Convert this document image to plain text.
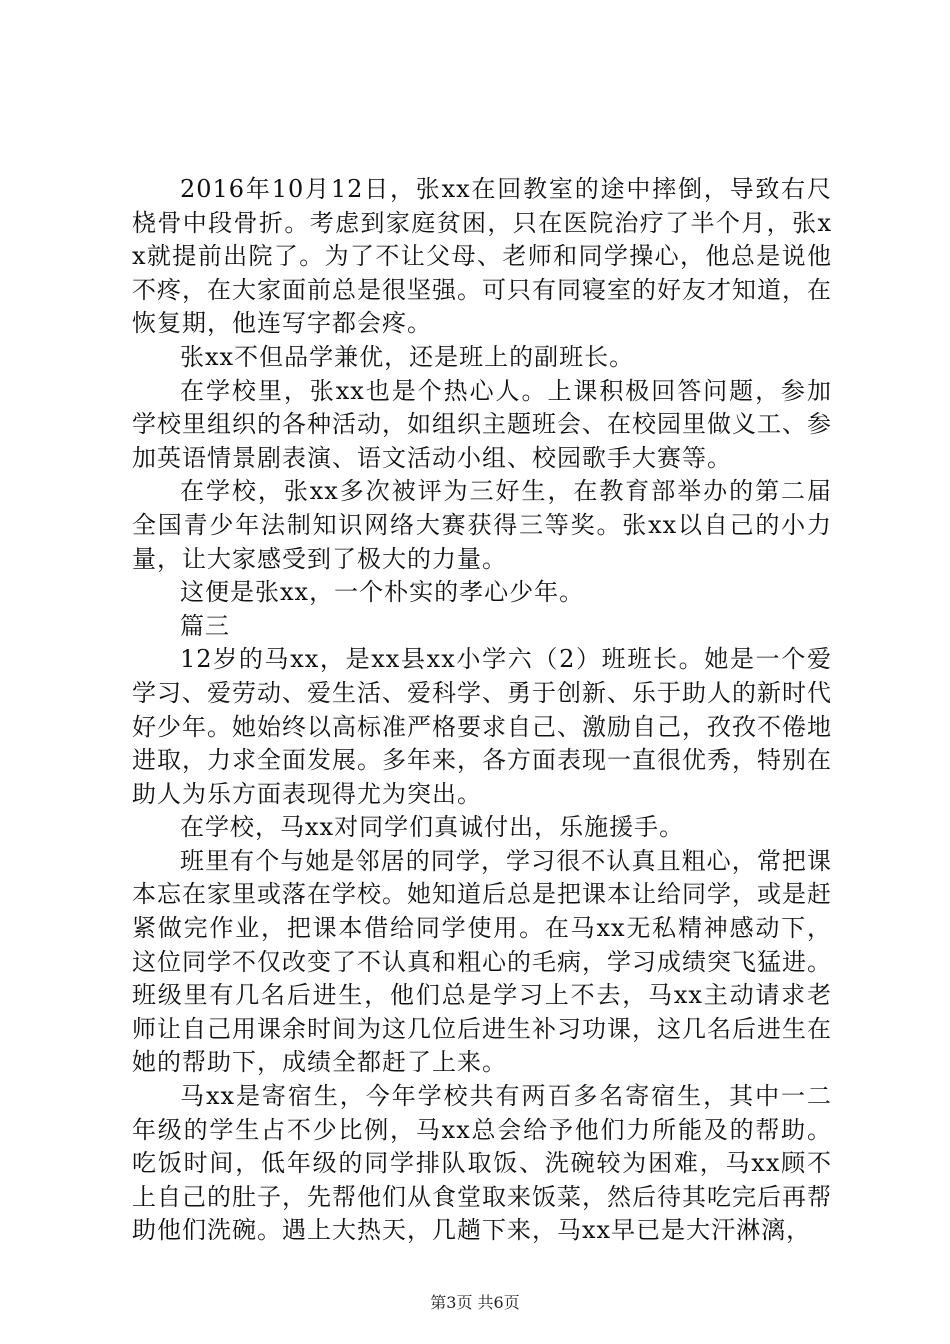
2016年10月12日，张xx在回教室的途中摔倒，导致右尺桡骨中段骨折。考虑到家庭贫困，只在医院治疗了半个月，张xx就提前出院了。为了不让父母、老师和同学操心，他总是说他不疼，在大家面前总是很坚强。可只有同寝室的好友才知道，在恢复期，他连写字都会疼。

张xx不但品学兼优，还是班上的副班长。

在学校里，张xx也是个热心人。上课积极回答问题，参加学校里组织的各种活动，如组织主题班会、在校园里做义工、参加英语情景剧表演、语文活动小组、校园歌手大赛等。

在学校，张xx多次被评为三好生，在教育部举办的第二届全国青少年法制知识网络大赛获得三等奖。张xx以自己的小力量，让大家感受到了极大的力量。

这便是张xx，一个朴实的孝心少年。

篇三

12岁的马xx，是xx县xx小学六（2）班班长。她是一个爱学习、爱劳动、爱生活、爱科学、勇于创新、乐于助人的新时代好少年。她始终以高标准严格要求自己、激励自己，孜孜不倦地进取，力求全面发展。多年来，各方面表现一直很优秀，特别在助人为乐方面表现得尤为突出。

在学校，马xx对同学们真诚付出，乐施援手。

班里有个与她是邻居的同学，学习很不认真且粗心，常把课本忘在家里或落在学校。她知道后总是把课本让给同学，或是赶紧做完作业，把课本借给同学使用。在马xx无私精神感动下，这位同学不仅改变了不认真和粗心的毛病，学习成绩突飞猛进。班级里有几名后进生，他们总是学习上不去，马xx主动请求老师让自己用课余时间为这几位后进生补习功课，这几名后进生在她的帮助下，成绩全都赶了上来。

马xx是寄宿生，今年学校共有两百多名寄宿生，其中一二年级的学生占不少比例，马xx总会给予他们力所能及的帮助。吃饭时间，低年级的同学排队取饭、洗碗较为困难，马xx顾不上自己的肚子，先帮他们从食堂取来饭菜，然后待其吃完后再帮助他们洗碗。遇上大热天，几趟下来，马xx早已是大汗淋漓，

第3页 共6页
